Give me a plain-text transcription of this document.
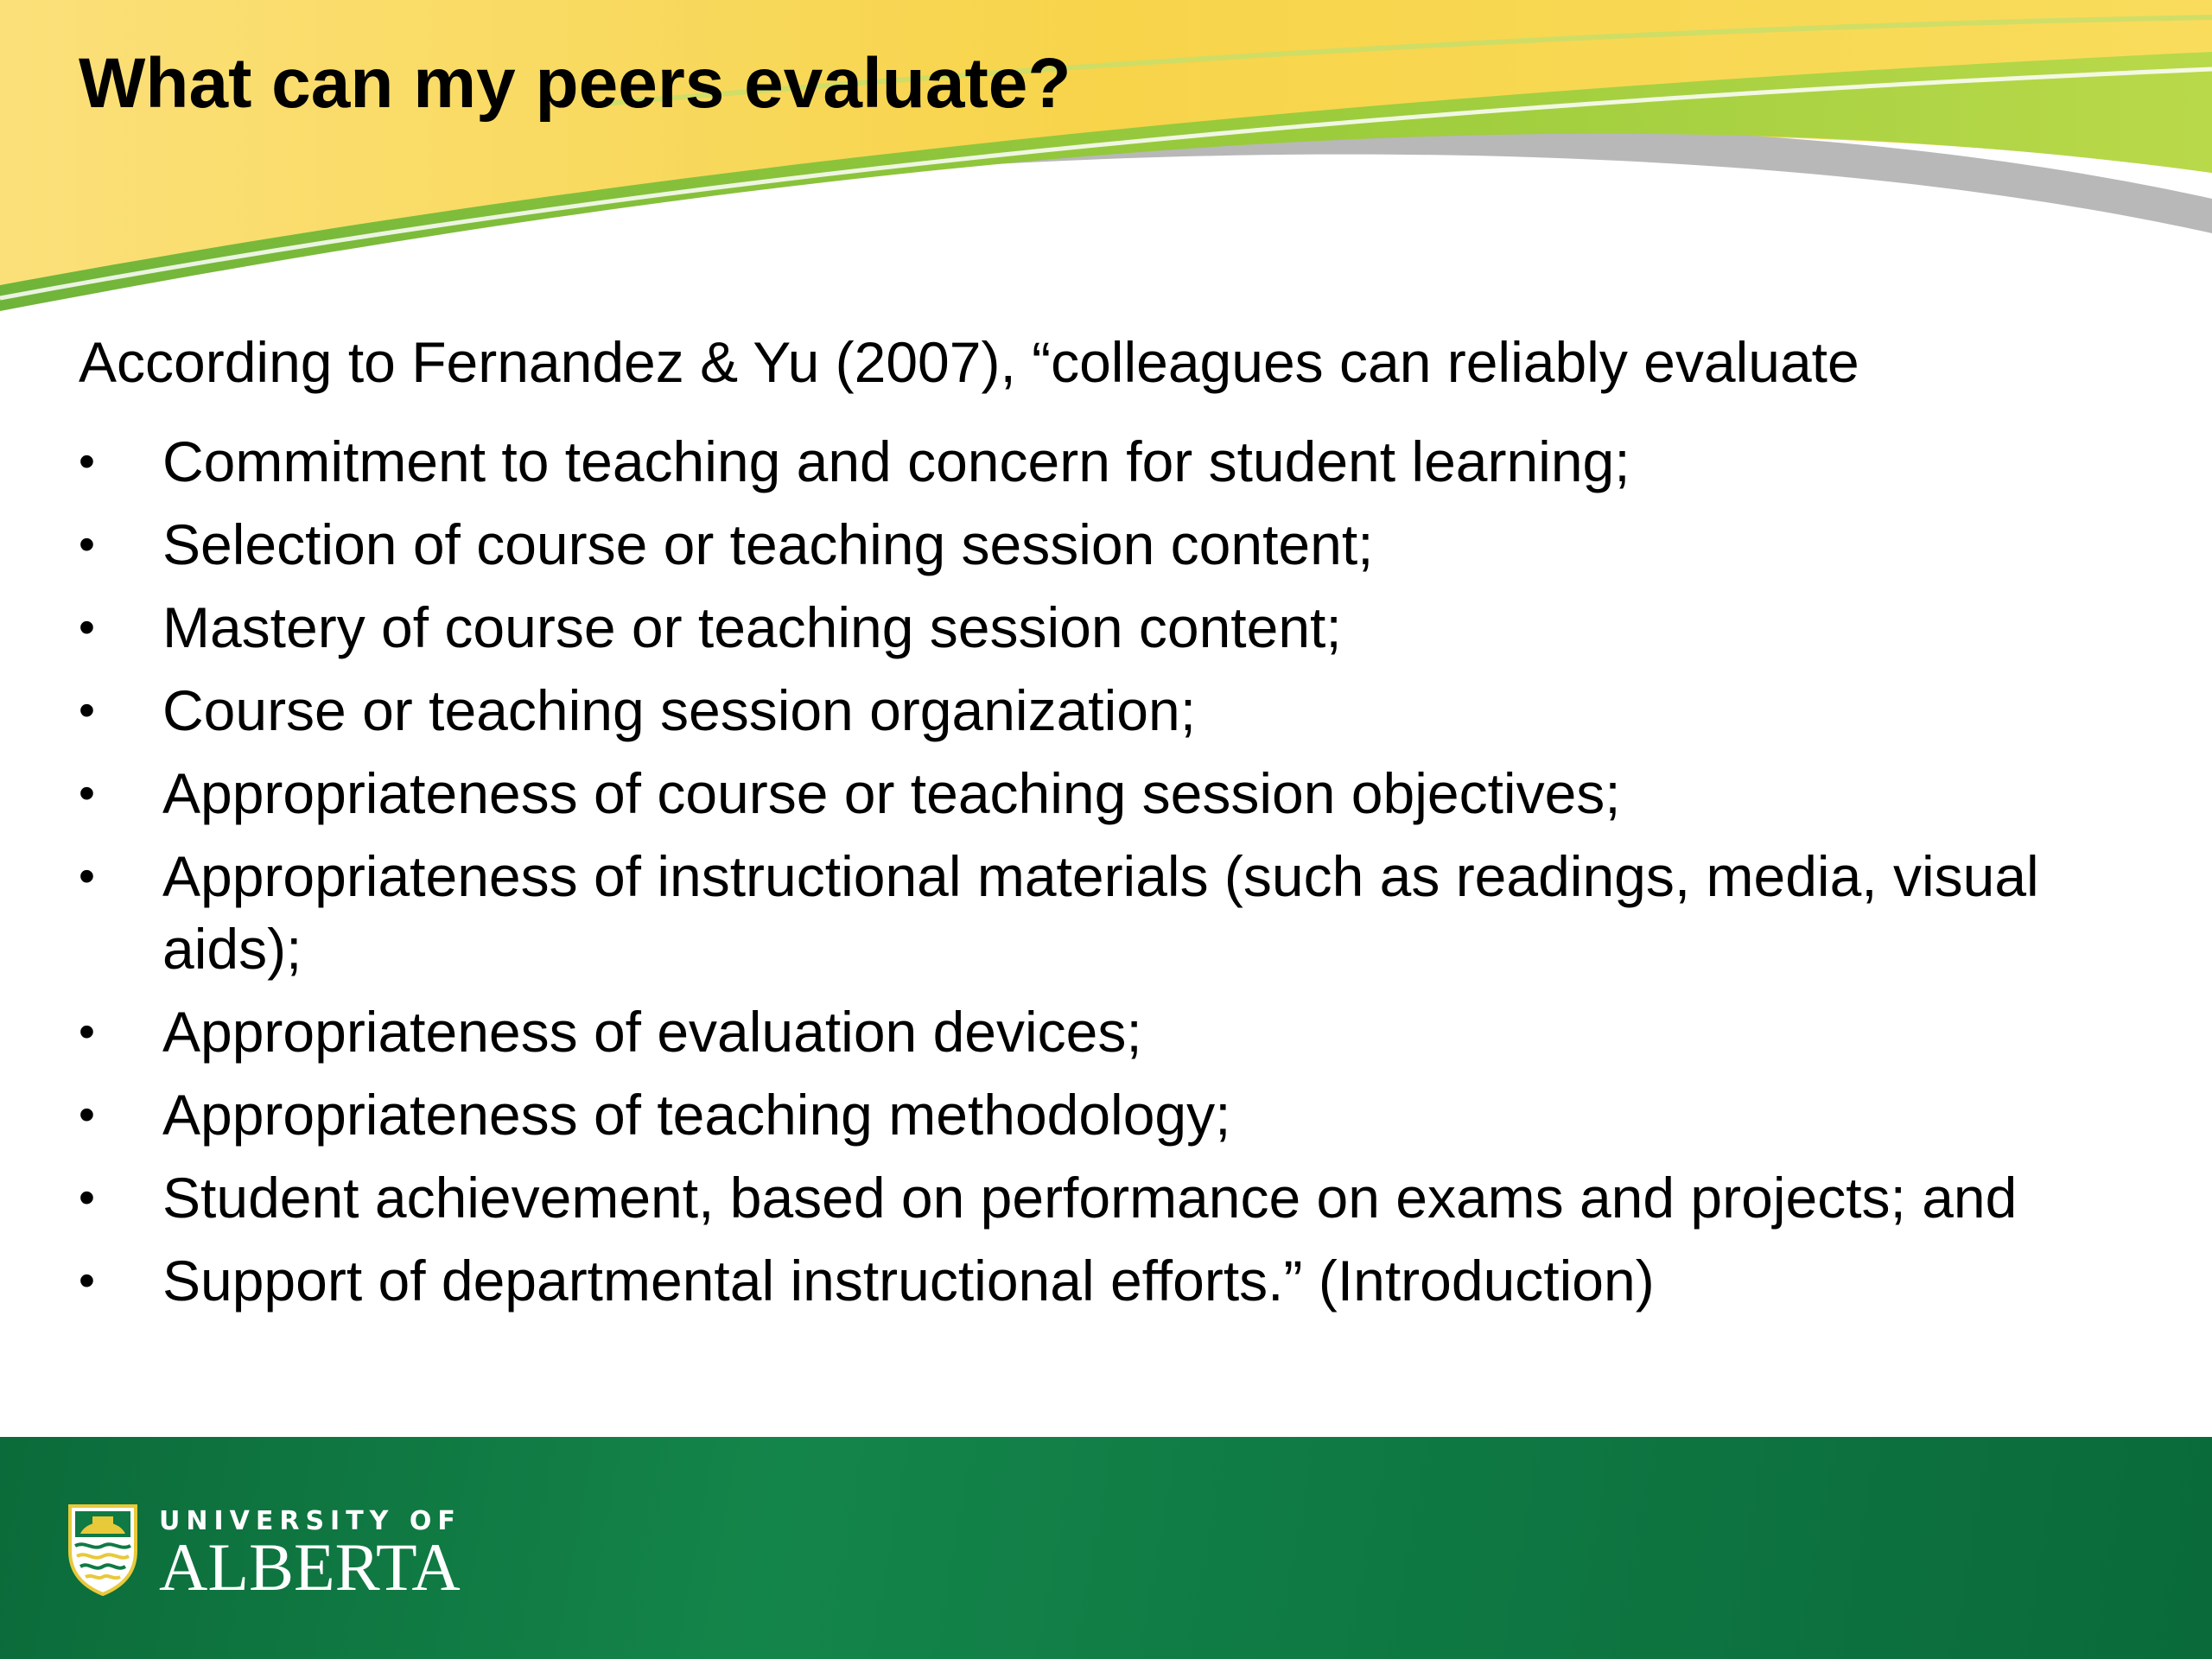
What can my peers evaluate?

According to Fernandez & Yu (2007), “colleagues can reliably evaluate

•	Commitment to teaching and concern for student learning;
•	Selection of course or teaching session content;
•	Mastery of course or teaching session content;
•	Course or teaching session organization;
•	Appropriateness of course or teaching session objectives;
•	Appropriateness of instructional materials (such as readings, media, visual aids);
•	Appropriateness of evaluation devices;
•	Appropriateness of teaching methodology;
•	Student achievement, based on performance on exams and projects; and
•	Support of departmental instructional efforts.” (Introduction)
UNIVERSITY OF
ALBERTA
